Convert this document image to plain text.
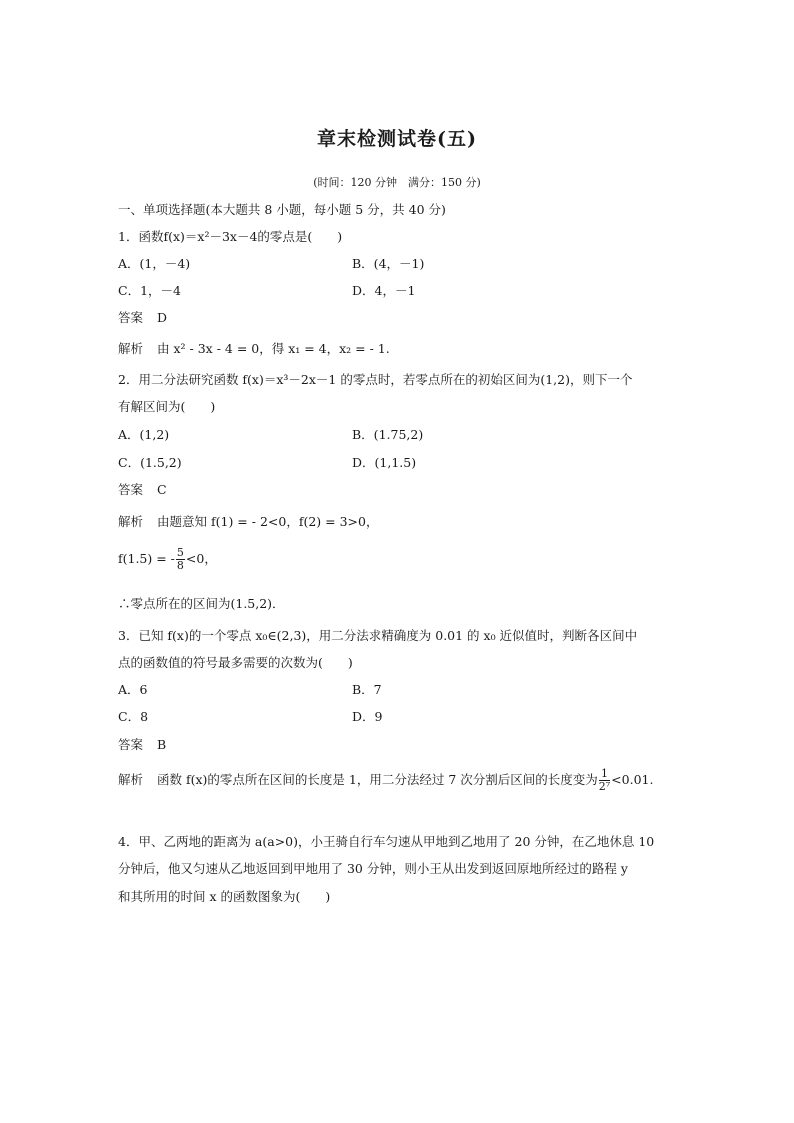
章末检测试卷(五)
(时间：120 分钟　满分：150 分)
一、单项选择题(本大题共 8 小题，每小题 5 分，共 40 分)
1．函数f(x)＝x²－3x－4的零点是(　　)
A．(1，－4)	B．(4，－1)
C．1，－4	D．4，－1
答案 D
解析 由 x² - 3x - 4 = 0，得 x₁ = 4，x₂ = - 1.
2．用二分法研究函数 f(x)＝x³－2x－1 的零点时，若零点所在的初始区间为(1,2)，则下一个
有解区间为(　　)
A．(1,2)	B．(1.75,2)
C．(1.5,2)	D．(1,1.5)
答案 C
解析 由题意知 f(1) = - 2<0，f(2) = 3>0，
f(1.5) = - $\frac{5}{8} <0$，
∴零点所在的区间为(1.5,2)．
3．已知 f(x)的一个零点 x₀∈(2,3)，用二分法求精确度为 0.01 的 x₀ 近似值时，判断各区间中
点的函数值的符号最多需要的次数为(　　)
A．6	B．7
C．8	D．9
答案 B
解析 函数 f(x)的零点所在区间的长度是 1，用二分法经过 7 次分割后区间的长度变为 $\frac{1}{\text{2⁷}} <0.01$.
4．甲、乙两地的距离为 a(a>0)，小王骑自行车匀速从甲地到乙地用了 20 分钟，在乙地休息 10
分钟后，他又匀速从乙地返回到甲地用了 30 分钟，则小王从出发到返回原地所经过的路程 y
和其所用的时间 x 的函数图象为(　　)
